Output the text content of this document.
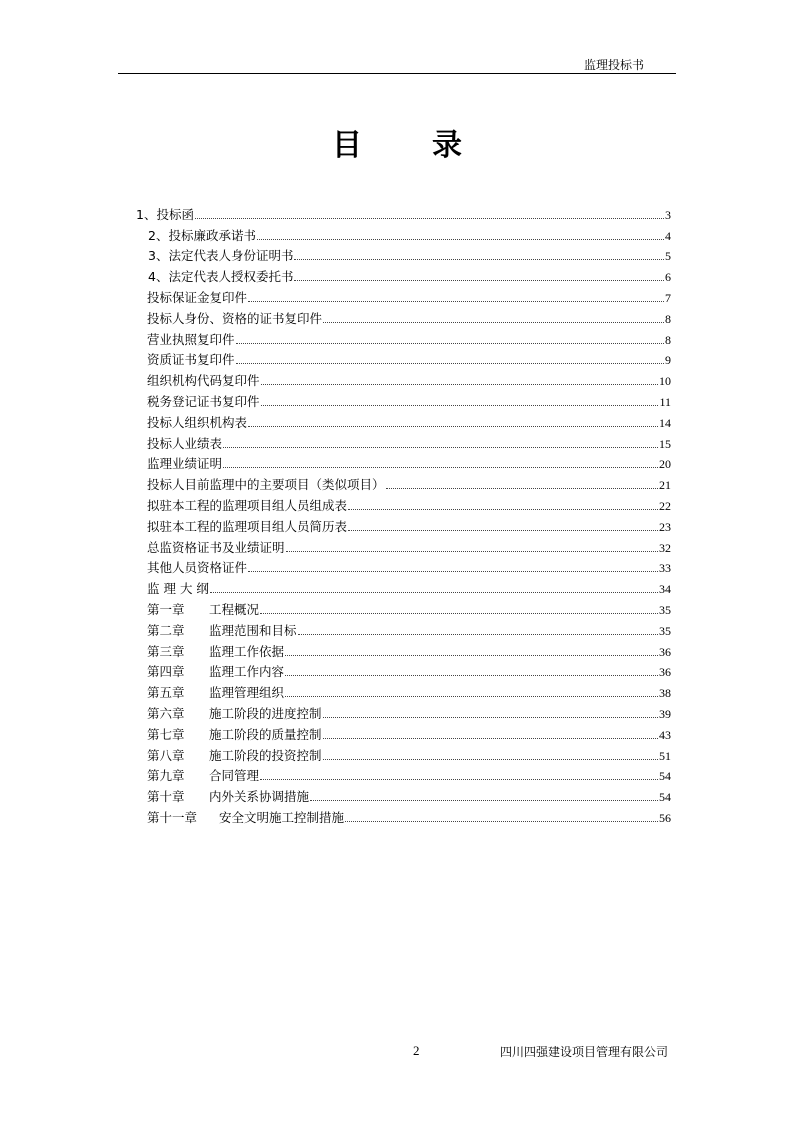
监理投标书
目 录
1、投标函	3
2、投标廉政承诺书	4
3、法定代表人身份证明书	5
4、法定代表人授权委托书	6
投标保证金复印件	7
投标人身份、资格的证书复印件	8
营业执照复印件	8
资质证书复印件	9
组织机构代码复印件	10
税务登记证书复印件	11
投标人组织机构表	14
投标人业绩表	15
监理业绩证明	20
投标人目前监理中的主要项目（类似项目）	21
拟驻本工程的监理项目组人员组成表	22
拟驻本工程的监理项目组人员简历表	23
总监资格证书及业绩证明	32
其他人员资格证件	33
监 理 大 纲	34
第一章 工程概况	35
第二章 监理范围和目标	35
第三章 监理工作依据	36
第四章 监理工作内容	36
第五章 监理管理组织	38
第六章 施工阶段的进度控制	39
第七章 施工阶段的质量控制	43
第八章 施工阶段的投资控制	51
第九章 合同管理	54
第十章 内外关系协调措施	54
第十一章 安全文明施工控制措施	56
2	四川四强建设项目管理有限公司
